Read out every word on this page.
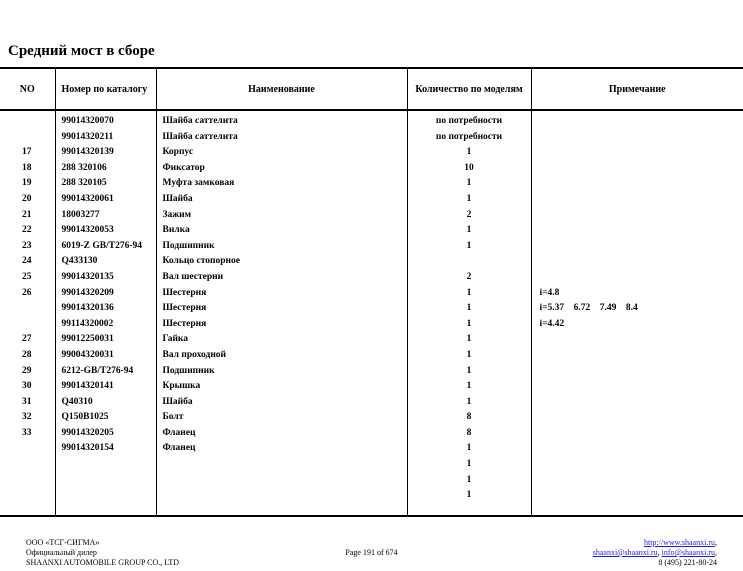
Средний мост в сборе
NO	Номер по каталогу	Наименование	Количество по моделям	Примечание

	99014320070	Шайба саттелита	по потребности	
	99014320211	Шайба саттелита	по потребности	
17	99014320139	Корпус	1	
18	288 320106	Фиксатор	10	
19	288 320105	Муфта замковая	1	
20	99014320061	Шайба	1	
21	18003277	Зажим	2	
22	99014320053	Вилка	1	
23	6019-Z GB/T276-94	Подшипник	1	
24	Q433130	Кольцо стопорное		
25	99014320135	Вал шестерни	2	
26	99014320209	Шестерня	1	i=4.8
	99014320136	Шестерня	1	i=5.37    6.72    7.49    8.4
	99114320002	Шестерня	1	i=4.42
27	99012250031	Гайка	1	
28	99004320031	Вал проходной	1	
29	6212-GB/T276-94	Подшипник	1	
30	99014320141	Крышка	1	
31	Q40310	Шайба	1	
32	Q150B1025	Болт	8	
33	99014320205	Фланец	8	
	99014320154	Фланец	1	
			1	
			1	
			1	

ООО «ТСГ-СИГМА»
Официальный дилер
SHAANXI AUTOMOBILE GROUP CO., LTD
Page 191 of 674
http://www.shaanxi.ru,
shaanxi@shaanxi.ru, info@shaanxi.ru,
8 (495) 221-80-24
